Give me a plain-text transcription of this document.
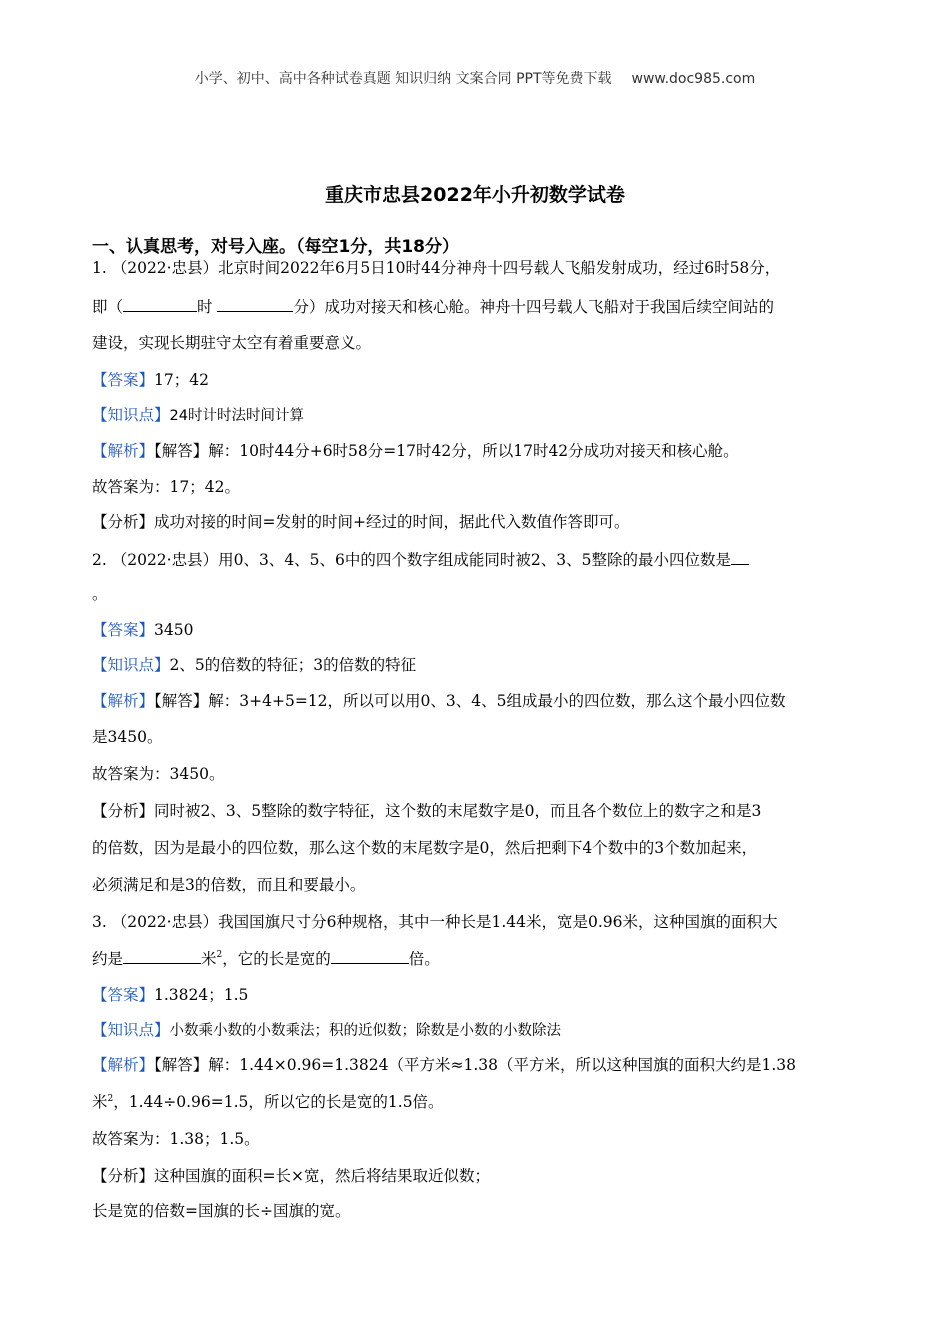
小学、初中、高中各种试卷真题 知识归纳 文案合同 PPT等免费下载 www.doc985.com
重庆市忠县2022年小升初数学试卷
一、认真思考，对号入座。（每空1分，共18分）
1. （2022·忠县）北京时间2022年6月5日10时44分神舟十四号载人飞船发射成功，经过6时58分，
即（	时	分）成功对接天和核心舱。神舟十四号载人飞船对于我国后续空间站的
建设，实现长期驻守太空有着重要意义。
【答案】17；42
【知识点】24时计时法时间计算
【解析】【解答】解：10时44分+6时58分=17时42分，所以17时42分成功对接天和核心舱。
故答案为：17；42。
【分析】成功对接的时间=发射的时间+经过的时间，据此代入数值作答即可。
2. （2022·忠县）用0、3、4、5、6中的四个数字组成能同时被2、3、5整除的最小四位数是
。
【答案】3450
【知识点】2、5的倍数的特征；3的倍数的特征
【解析】【解答】解：3+4+5=12，所以可以用0、3、4、5组成最小的四位数，那么这个最小四位数
是3450。
故答案为：3450。
【分析】同时被2、3、5整除的数字特征，这个数的末尾数字是0，而且各个数位上的数字之和是3
的倍数，因为是最小的四位数，那么这个数的末尾数字是0，然后把剩下4个数中的3个数加起来，
必须满足和是3的倍数，而且和要最小。
3. （2022·忠县）我国国旗尺寸分6种规格，其中一种长是1.44米，宽是0.96米，这种国旗的面积大
约是	米$^2$，它的长是宽的	倍。
【答案】1.3824；1.5
【知识点】小数乘小数的小数乘法；积的近似数；除数是小数的小数除法
【解析】【解答】解：1.44×0.96=1.3824（平方米≈1.38（平方米，所以这种国旗的面积大约是1.38
米$^2$，1.44÷0.96=1.5，所以它的长是宽的1.5倍。
故答案为：1.38；1.5。
【分析】这种国旗的面积=长×宽，然后将结果取近似数；
长是宽的倍数=国旗的长÷国旗的宽。
